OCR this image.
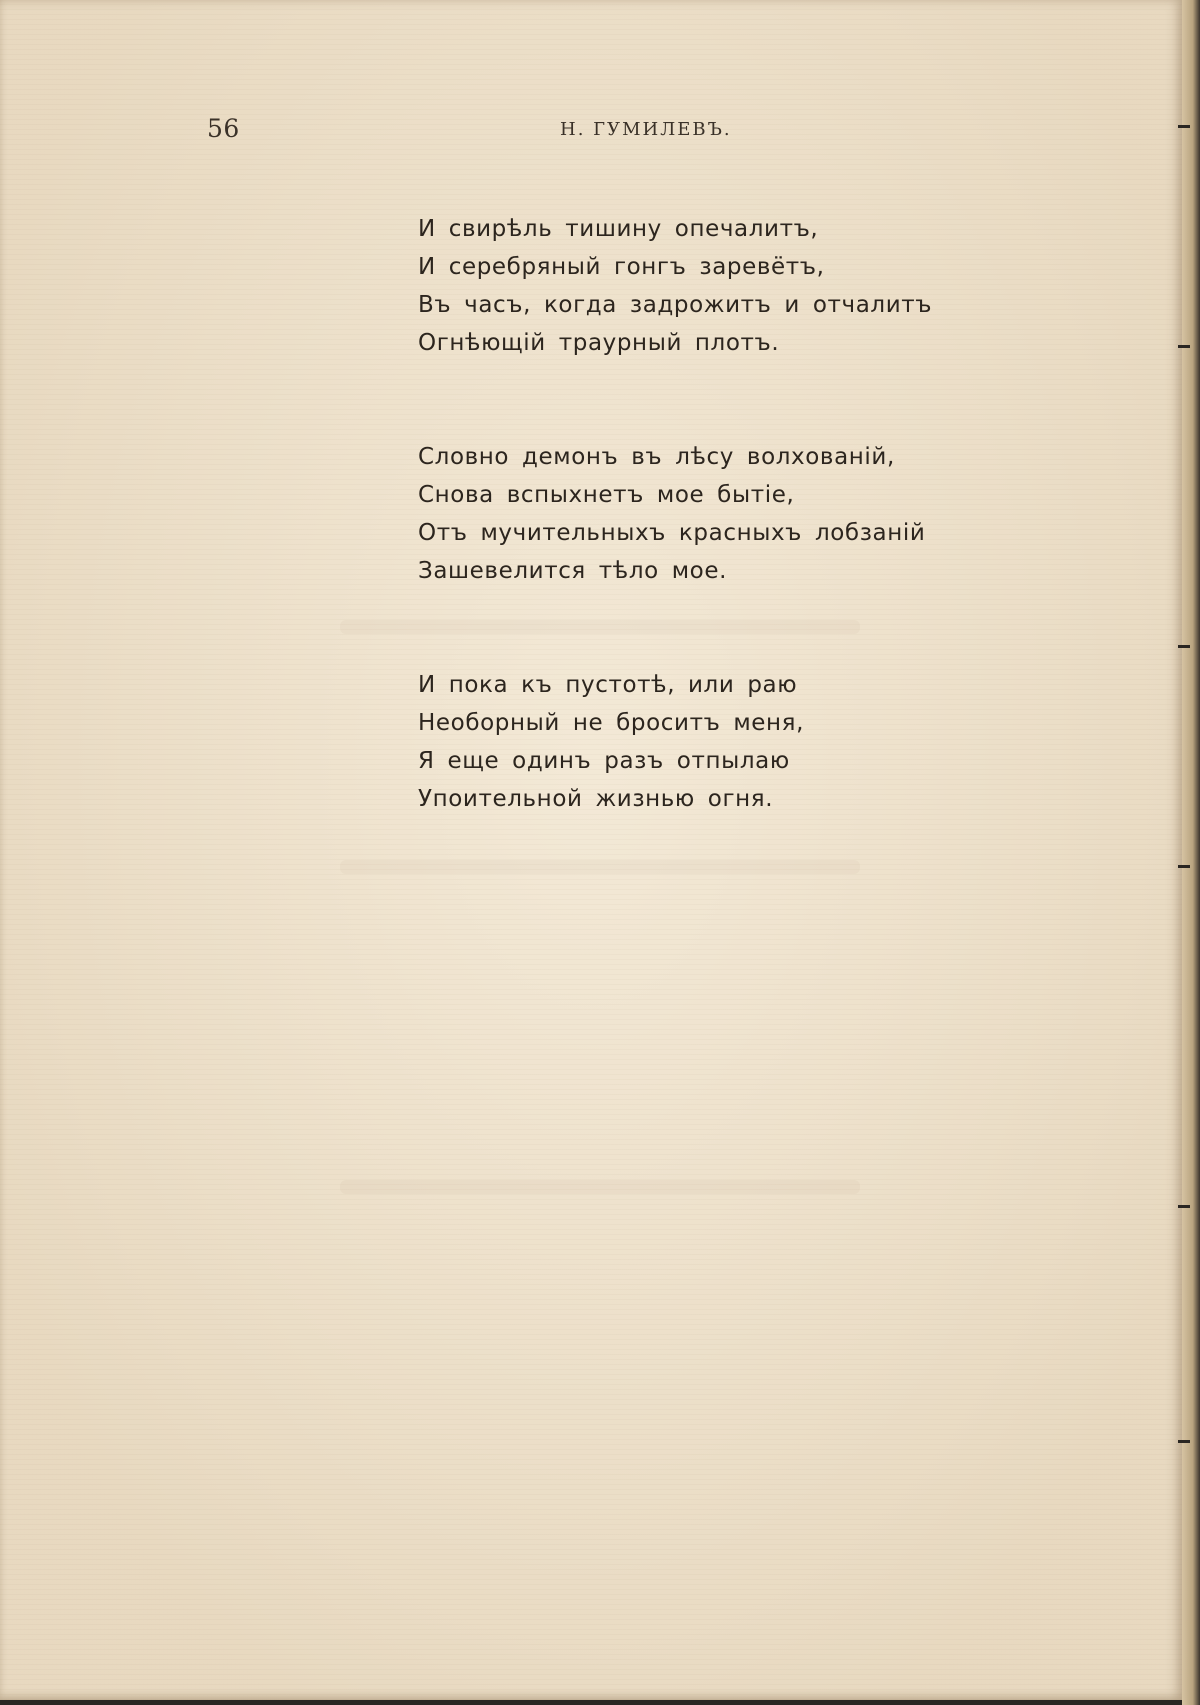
56	Н. ГУМИЛЕВЪ.
И свирѣль тишину опечалитъ,
И серебряный гонгъ заревётъ,
Въ часъ, когда задрожитъ и отчалитъ
Огнѣющій траурный плотъ.
Словно демонъ въ лѣсу волхованій,
Снова вспыхнетъ мое бытіе,
Отъ мучительныхъ красныхъ лобзаній
Зашевелится тѣло мое.
И пока къ пустотѣ, или раю
Необорный не броситъ меня,
Я еще одинъ разъ отпылаю
Упоительной жизнью огня.
